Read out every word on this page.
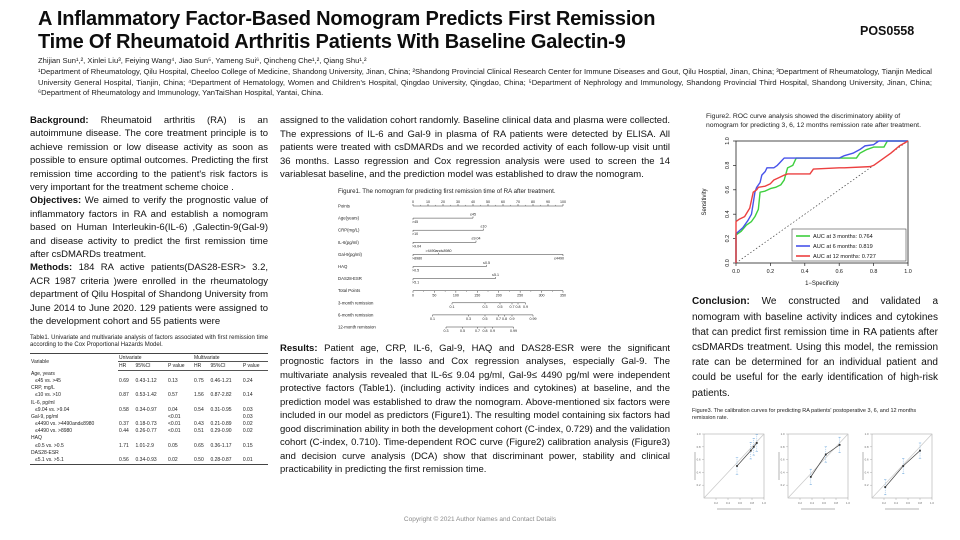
A Inflammatory Factor-Based Nomogram Predicts First Remission
Time Of Rheumatoid Arthritis Patients With Baseline Galectin-9	POS0558
Zhijian Sun¹,², Xinlei Liu³, Feiying Wang⁴, Jiao Sun⁵, Yameng Sui⁶, Qincheng Che¹,², Qiang Shu¹,²
¹Department of Rheumatology, Qilu Hospital, Cheeloo College of Medicine, Shandong University, Jinan, China; ²Shandong Provincial Clinical Research Center for Immune Diseases and Gout, Qilu Hosptial, Jinan, China; ³Department of Rheumatology, Tianjin Medical University General Hospital, Tianjin, China; ⁴Department of Hematology, Women and Children's Hospital, Qingdao University, Qingdao, China; ⁵Department of Nephrology and Immunology, Shandong Provincial Third Hospital, Shandong University, Jinan, China; ⁶Department of Rheumatology and Immunology, YanTaiShan Hospital, Yantai, China.

Background: Rheumatoid arthritis (RA) is an autoimmune disease. The core treatment principle is to achieve remission or low disease activity as soon as possible to ensure optimal outcomes. Predicting the first remission time according to the patient's risk factors is very important for the treatment scheme choice .
Objectives: We aimed to verify the prognostic value of inflammatory factors in RA and establish a nomogram based on Human Interleukin-6(IL-6) ,Galectin-9(Gal-9) and disease activity to predict the first remission time after csDMARDs treatment.
Methods: 184 RA active patients(DAS28-ESR> 3.2, ACR 1987 criteria )were enrolled in the rheumatology department of Qilu Hospital of Shandong University from June 2014 to June 2020. 129 patients were assigned to the development cohort and 55 patients were

Table1. Univariate and multivariate analysis of factors associated with first remission time according to the Cox Proportional Hazards Model.
Variable	Univariate			Multivariate		
	HR	95%CI	P value	HR	95%CI	P value
Age, years						
≤45 vs. >45	0.69	0.43-1.12	0.13	0.75	0.46-1.21	0.24
CRP, mg/L						
≤10 vs. >10	0.87	0.53-1.42	0.57	1.56	0.87-2.82	0.14
IL-6, pg/ml						
≤9.04 vs. >9.04	0.58	0.34-0.97	0.04	0.54	0.31-0.95	0.03
Gal-9, pg/ml			<0.01			0.03
≤4490 vs. >4490and≤8980	0.37	0.18-0.73	<0.01	0.43	0.21-0.89	0.02
≤4490 vs. >8980	0.44	0.26-0.77	<0.01	0.51	0.29-0.90	0.02
HAQ						
≤0.5 vs. >0.5	1.71	1.01-2.9	0.05	0.65	0.36-1.17	0.15
DAS28-ESR						
≤5.1 vs. >5.1	0.56	0.34-0.93	0.02	0.50	0.28-0.87	0.01

assigned to the validation cohort randomly. Baseline clinical data and plasma were collected. The expressions of IL-6 and Gal-9 in plasma of RA patients were detected by ELISA. All patients were treated with csDMARDs and we recorded activity of each follow-up visit until 36 months. Lasso regression and Cox regression analysis were used to screen the 14 variablesat baseline, and the prediction model was established to draw the nomogram.

Figure1. The nomogram for predicting first remission time of RA after treatment.
Points
0	10	20	30	40	50	60	70	80	90	100
Age(years)
≤45
>45
CRP(mg/L)
≤10
>10
IL-6(pg/ml)
≤9.04
>9.04
Gal-9(pg/ml)
>4490and≤8980
>8980	≤4490
HAQ
≤0.5
>0.5
DAS28-ESR
≤5.1
>5.1
Total Points
0	50	100	150	200	250	300	350
3-month remission
0.1	0.3	0.5 0.7 0.8 0.9
6-month remission
0.1	0.3	0.5 0.7 0.8 0.9	0.99
12-month remission
0.3	0.5	0.7 0.8 0.9	0.99

Results: Patient age, CRP, IL-6, Gal-9, HAQ and DAS28-ESR were the significant prognostic factors in the lasso and Cox regression analyses, especially Gal-9. The multivariate analysis revealed that IL-6≤ 9.04 pg/ml, Gal-9≤ 4490 pg/ml were independent protective factors (Table1). (including activity indices and cytokines) at baseline, and the prediction model was established to draw the nomogram. Above-mentioned six factors were included in our model as predictors (Figure1). The resulting model containing six factors had good discrimination ability in both the development cohort (C-index, 0.729) and the validation cohort (C-index, 0.710). Time-dependent ROC curve (Figure2) calibration analysis (Figure3) and decision curve analysis (DCA) show that discriminant power, stability and clinical practicability in predicting the first remission time.

Figure2. ROC curve analysis showed the discriminatory ability of nomogram for predicting 3, 6, 12 months remission rate after treatment.
0.0	0.2	0.4	0.6	0.8	1.0
0.0
0.2
0.4
0.6
0.8
1.0
AUC at 3 months: 0.764
AUC at 6 months: 0.819
AUC at 12 months: 0.727
1−Specificity
Sensitivity

Conclusion: We constructed and validated a nomogram with baseline activity indices and cytokines that can predict first remission time in RA patients after csDMARDs treatment. Using this model, the remission rate can be determined for an individual patient and could be useful for the early identification of high-risk patients.

Figure3. The calibration curves for predicting RA patients' postoperative 3, 6, and 12 months remission rate.
0.2
0.2
0.4
0.4
0.6
0.6
0.8
0.8
1.0
1.0
0.2
0.2
0.4
0.4
0.6
0.6
0.8
0.8
1.0
1.0
0.2
0.2
0.4
0.4
0.6
0.6
0.8
0.8
1.0
1.0
Copyright © 2021 Author Names and Contact Details
